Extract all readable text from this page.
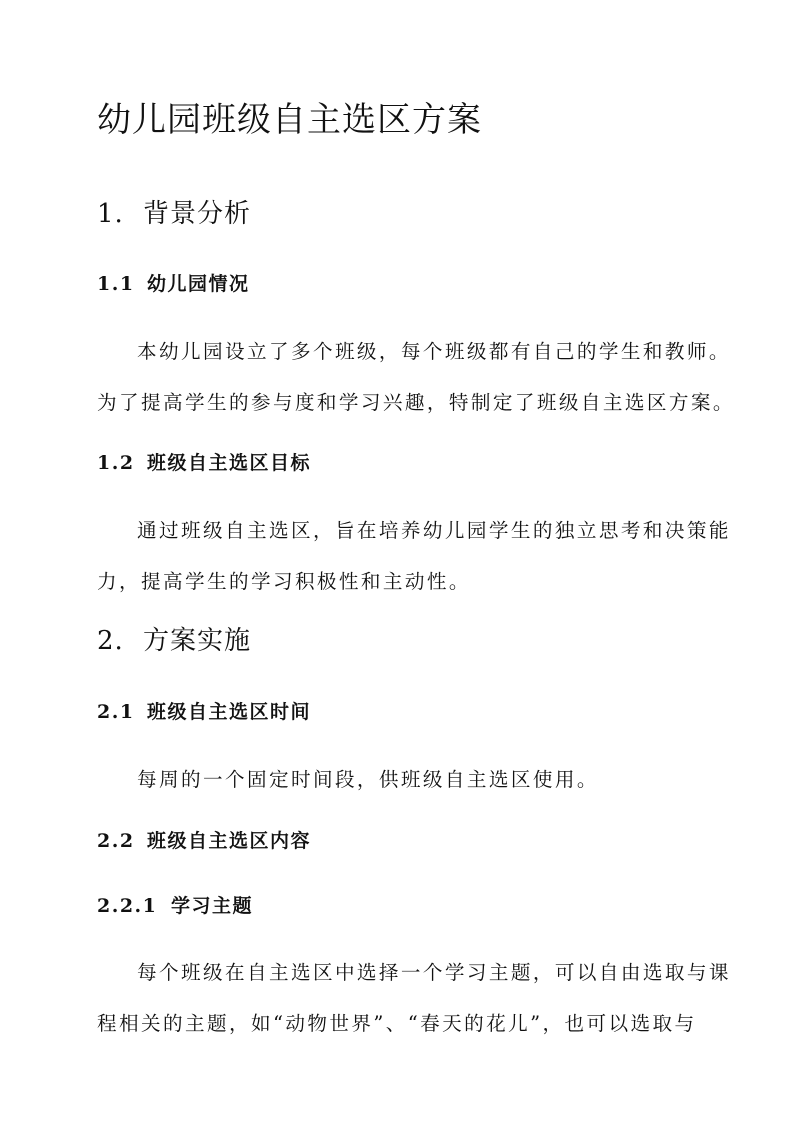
幼儿园班级自主选区方案
1. 背景分析
1.1 幼儿园情况
本幼儿园设立了多个班级，每个班级都有自己的学生和教师。
为了提高学生的参与度和学习兴趣，特制定了班级自主选区方案。
1.2 班级自主选区目标
通过班级自主选区，旨在培养幼儿园学生的独立思考和决策能
力，提高学生的学习积极性和主动性。
2. 方案实施
2.1 班级自主选区时间
每周的一个固定时间段，供班级自主选区使用。
2.2 班级自主选区内容
2.2.1 学习主题
每个班级在自主选区中选择一个学习主题，可以自由选取与课
程相关的主题，如“动物世界”、“春天的花儿”，也可以选取与
